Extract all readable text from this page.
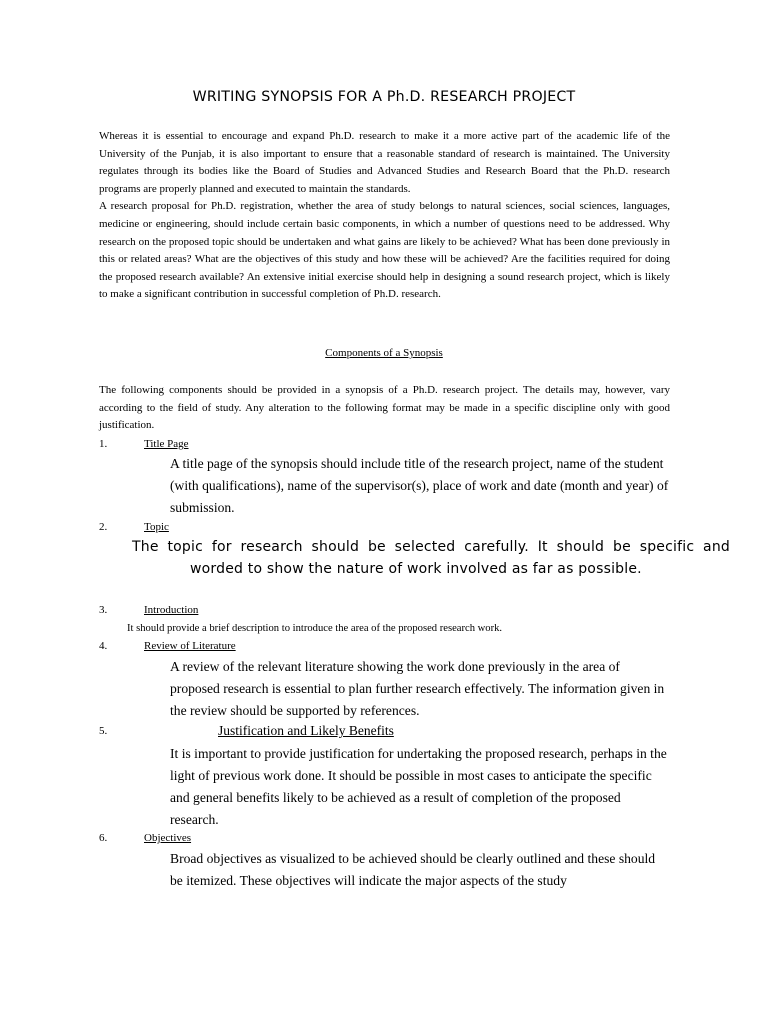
WRITING SYNOPSIS FOR A Ph.D. RESEARCH PROJECT

Whereas it is essential to encourage and expand Ph.D. research to make it a more active part of the academic life of the University of the Punjab, it is also important to ensure that a reasonable standard of research is maintained. The University regulates through its bodies like the Board of Studies and Advanced Studies and Research Board that the Ph.D. research programs are properly planned and executed to maintain the standards.

A research proposal for Ph.D. registration, whether the area of study belongs to natural sciences, social sciences, languages, medicine or engineering, should include certain basic components, in which a number of questions need to be addressed. Why research on the proposed topic should be undertaken and what gains are likely to be achieved? What has been done previously in this or related areas? What are the objectives of this study and how these will be achieved? Are the facilities required for doing the proposed research available? An extensive initial exercise should help in designing a sound research project, which is likely to make a significant contribution in successful completion of Ph.D. research.

Components of a Synopsis

The following components should be provided in a synopsis of a Ph.D. research project. The details may, however, vary according to the field of study. Any alteration to the following format may be made in a specific discipline only with good justification.

1.	Title Page

A title page of the synopsis should include title of the research project, name of the student (with qualifications), name of the supervisor(s), place of work and date (month and year) of submission.

2.	Topic

The topic for research should be selected carefully. It should be specific and worded to show the nature of work involved as far as possible.

3.	Introduction

It should provide a brief description to introduce the area of the proposed research work.

4.	Review of Literature

A review of the relevant literature showing the work done previously in the area of proposed research is essential to plan further research effectively. The information given in the review should be supported by references.

5.	Justification and Likely Benefits

It is important to provide justification for undertaking the proposed research, perhaps in the light of previous work done. It should be possible in most cases to anticipate the specific and general benefits likely to be achieved as a result of completion of the proposed research.

6.	Objectives

Broad objectives as visualized to be achieved should be clearly outlined and these should be itemized. These objectives will indicate the major aspects of the study
